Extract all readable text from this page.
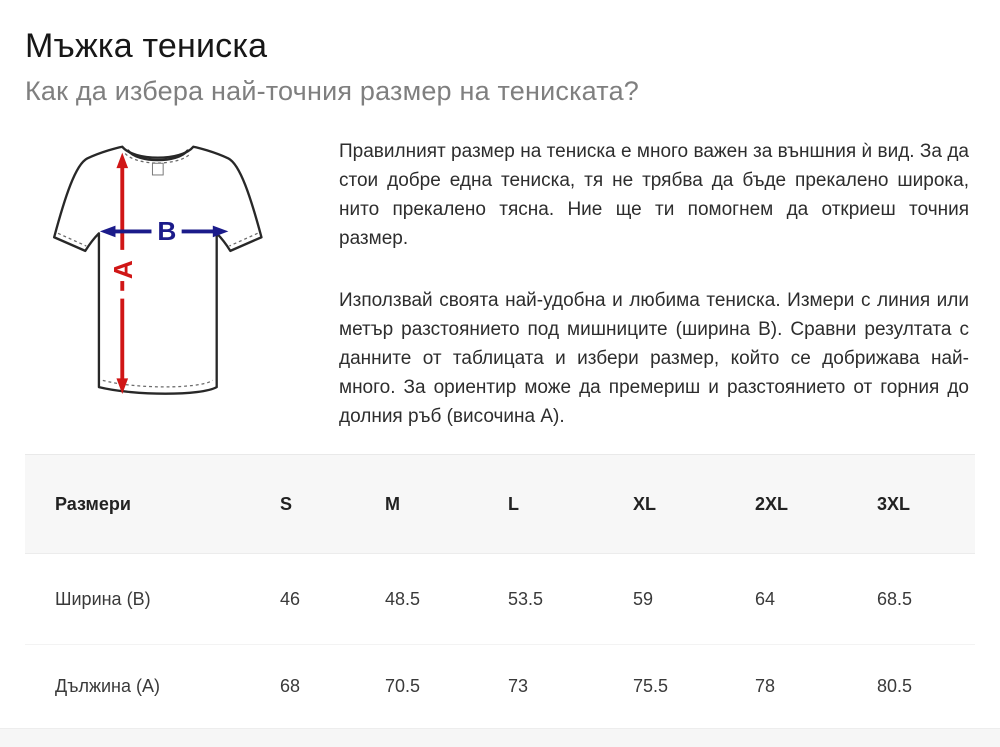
Мъжка тениска
Как да избера най-точния размер на тениската?
A
B

Правилният размер на тениска е много важен за външния ѝ вид. За да стои добре една тениска, тя не трябва да бъде прекалено широка, нито прекалено тясна. Ние ще ти помогнем да откриеш точния размер.

Използвай своята най-удобна и любима тениска. Измери с линия или метър разстоянието под мишниците (ширина B). Сравни резултата с данните от таблицата и избери размер, който се добрижава най-много. За ориентир може да премериш и разстоянието от горния до долния ръб (височина A).

Размери	S	M	L	XL	2XL	3XL
Ширина (B)	46	48.5	53.5	59	64	68.5
Дължина (A)	68	70.5	73	75.5	78	80.5
